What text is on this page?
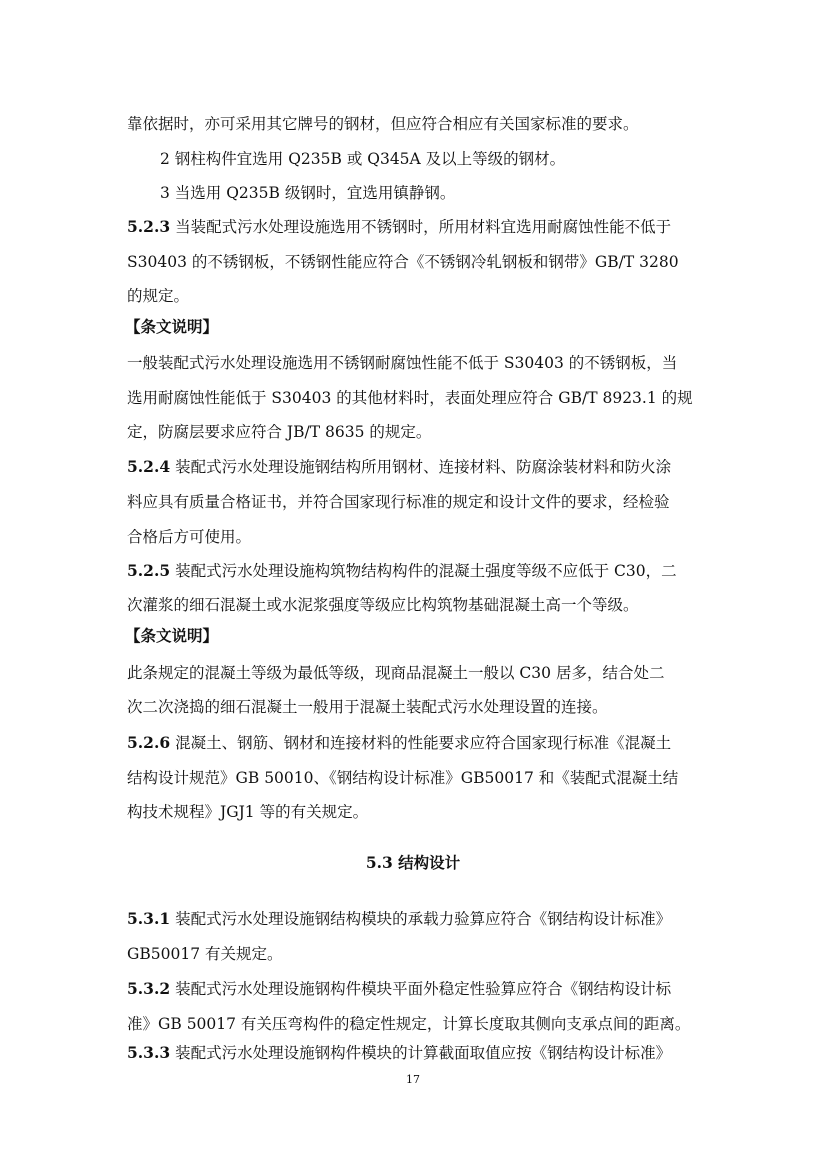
靠依据时，亦可采用其它牌号的钢材，但应符合相应有关国家标准的要求。
2 钢柱构件宜选用 Q235B 或 Q345A 及以上等级的钢材。
3 当选用 Q235B 级钢时，宜选用镇静钢。
5.2.3 当装配式污水处理设施选用不锈钢时，所用材料宜选用耐腐蚀性能不低于
S30403 的不锈钢板，不锈钢性能应符合《不锈钢冷轧钢板和钢带》GB/T 3280
的规定。
【条文说明】
一般装配式污水处理设施选用不锈钢耐腐蚀性能不低于 S30403 的不锈钢板，当
选用耐腐蚀性能低于 S30403 的其他材料时，表面处理应符合 GB/T 8923.1 的规
定，防腐层要求应符合 JB/T 8635 的规定。
5.2.4 装配式污水处理设施钢结构所用钢材、连接材料、防腐涂装材料和防火涂
料应具有质量合格证书，并符合国家现行标准的规定和设计文件的要求，经检验
合格后方可使用。
5.2.5 装配式污水处理设施构筑物结构构件的混凝土强度等级不应低于 C30，二
次灌浆的细石混凝土或水泥浆强度等级应比构筑物基础混凝土高一个等级。
【条文说明】
此条规定的混凝土等级为最低等级，现商品混凝土一般以 C30 居多，结合处二
次二次浇捣的细石混凝土一般用于混凝土装配式污水处理设置的连接。
5.2.6 混凝土、钢筋、钢材和连接材料的性能要求应符合国家现行标准《混凝土
结构设计规范》GB 50010、《钢结构设计标准》GB50017 和《装配式混凝土结
构技术规程》JGJ1 等的有关规定。
5.3 结构设计
5.3.1 装配式污水处理设施钢结构模块的承载力验算应符合《钢结构设计标准》
GB50017 有关规定。
5.3.2 装配式污水处理设施钢构件模块平面外稳定性验算应符合《钢结构设计标
准》GB 50017 有关压弯构件的稳定性规定，计算长度取其侧向支承点间的距离。
5.3.3 装配式污水处理设施钢构件模块的计算截面取值应按《钢结构设计标准》
17
